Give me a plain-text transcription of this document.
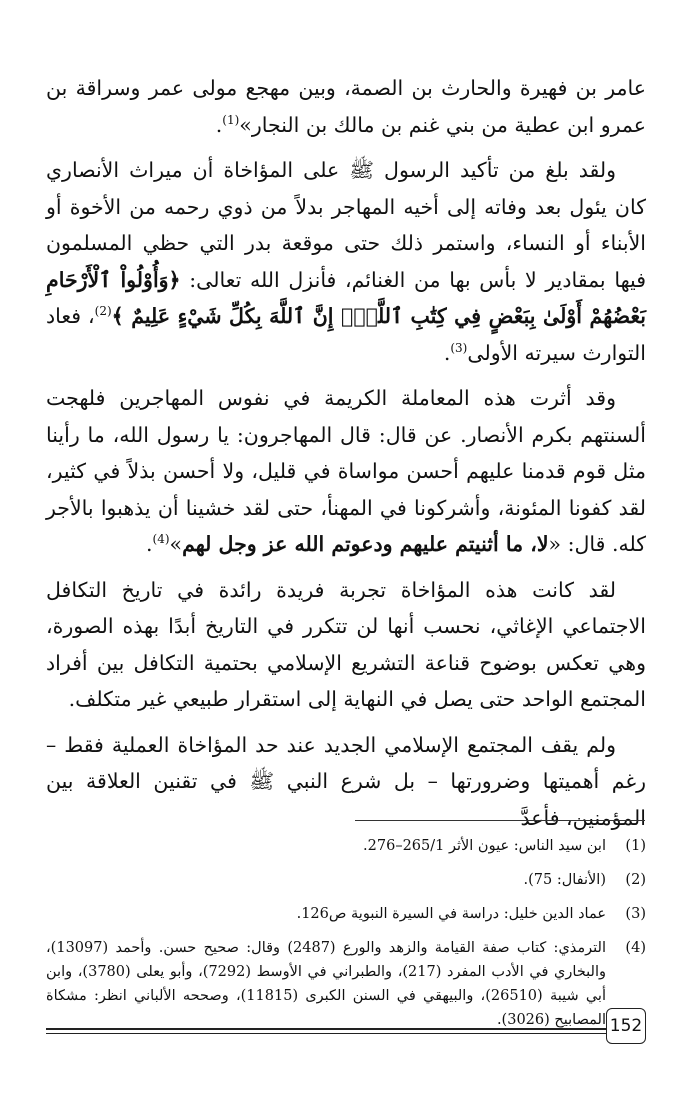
عامر بن فهيرة والحارث بن الصمة، وبين مهجع مولى عمر وسراقة بن عمرو ابن عطية من بني غنم بن مالك بن النجار»$^{(1)}$.

ولقد بلغ من تأكيد الرسول ﷺ على المؤاخاة أن ميراث الأنصاري كان يئول بعد وفاته إلى أخيه المهاجر بدلاً من ذوي رحمه من الأخوة أو الأبناء أو النساء، واستمر ذلك حتى موقعة بدر التي حظي المسلمون فيها بمقادير لا بأس بها من الغنائم، فأنزل الله تعالى: ﴿وَأُوْلُواْ ٱلْأَرْحَامِ بَعْضُهُمْ أَوْلَىٰ بِبَعْضٍ فِي كِتَٰبِ ٱللَّهِۚ إِنَّ ٱللَّهَ بِكُلِّ شَيْءٍ عَلِيمٌ ﴾$^{(2)}$، فعاد التوارث سيرته الأولى$^{(3)}$.

وقد أثرت هذه المعاملة الكريمة في نفوس المهاجرين فلهجت ألسنتهم بكرم الأنصار. عن قال: قال المهاجرون: يا رسول الله، ما رأينا مثل قوم قدمنا عليهم أحسن مواساة في قليل، ولا أحسن بذلاً في كثير، لقد كفونا المئونة، وأشركونا في المهنأ، حتى لقد خشينا أن يذهبوا بالأجر كله. قال: «لا، ما أثنيتم عليهم ودعوتم الله عز وجل لهم»$^{(4)}$.

لقد كانت هذه المؤاخاة تجربة فريدة رائدة في تاريخ التكافل الاجتماعي الإغاثي، نحسب أنها لن تتكرر في التاريخ أبدًا بهذه الصورة، وهي تعكس بوضوح قناعة التشريع الإسلامي بحتمية التكافل بين أفراد المجتمع الواحد حتى يصل في النهاية إلى استقرار طبيعي غير متكلف.

ولم يقف المجتمع الإسلامي الجديد عند حد المؤاخاة العملية فقط – رغم أهميتها وضرورتها – بل شرع النبي ﷺ في تقنين العلاقة بين المؤمنين، فأعدَّ

(1)
ابن سيد الناس: عيون الأثر 265/1–276.
(2)
(الأنفال: 75).
(3)
عماد الدين خليل: دراسة في السيرة النبوية ص126.
(4)
الترمذي: كتاب صفة القيامة والزهد والورع (2487) وقال: صحيح حسن. وأحمد (13097)، والبخاري في الأدب المفرد (217)، والطبراني في الأوسط (7292)، وأبو يعلى (3780)، وابن أبي شيبة (26510)، والبيهقي في السنن الكبرى (11815)، وصححه الألباني انظر: مشكاة المصابيح (3026). 152
